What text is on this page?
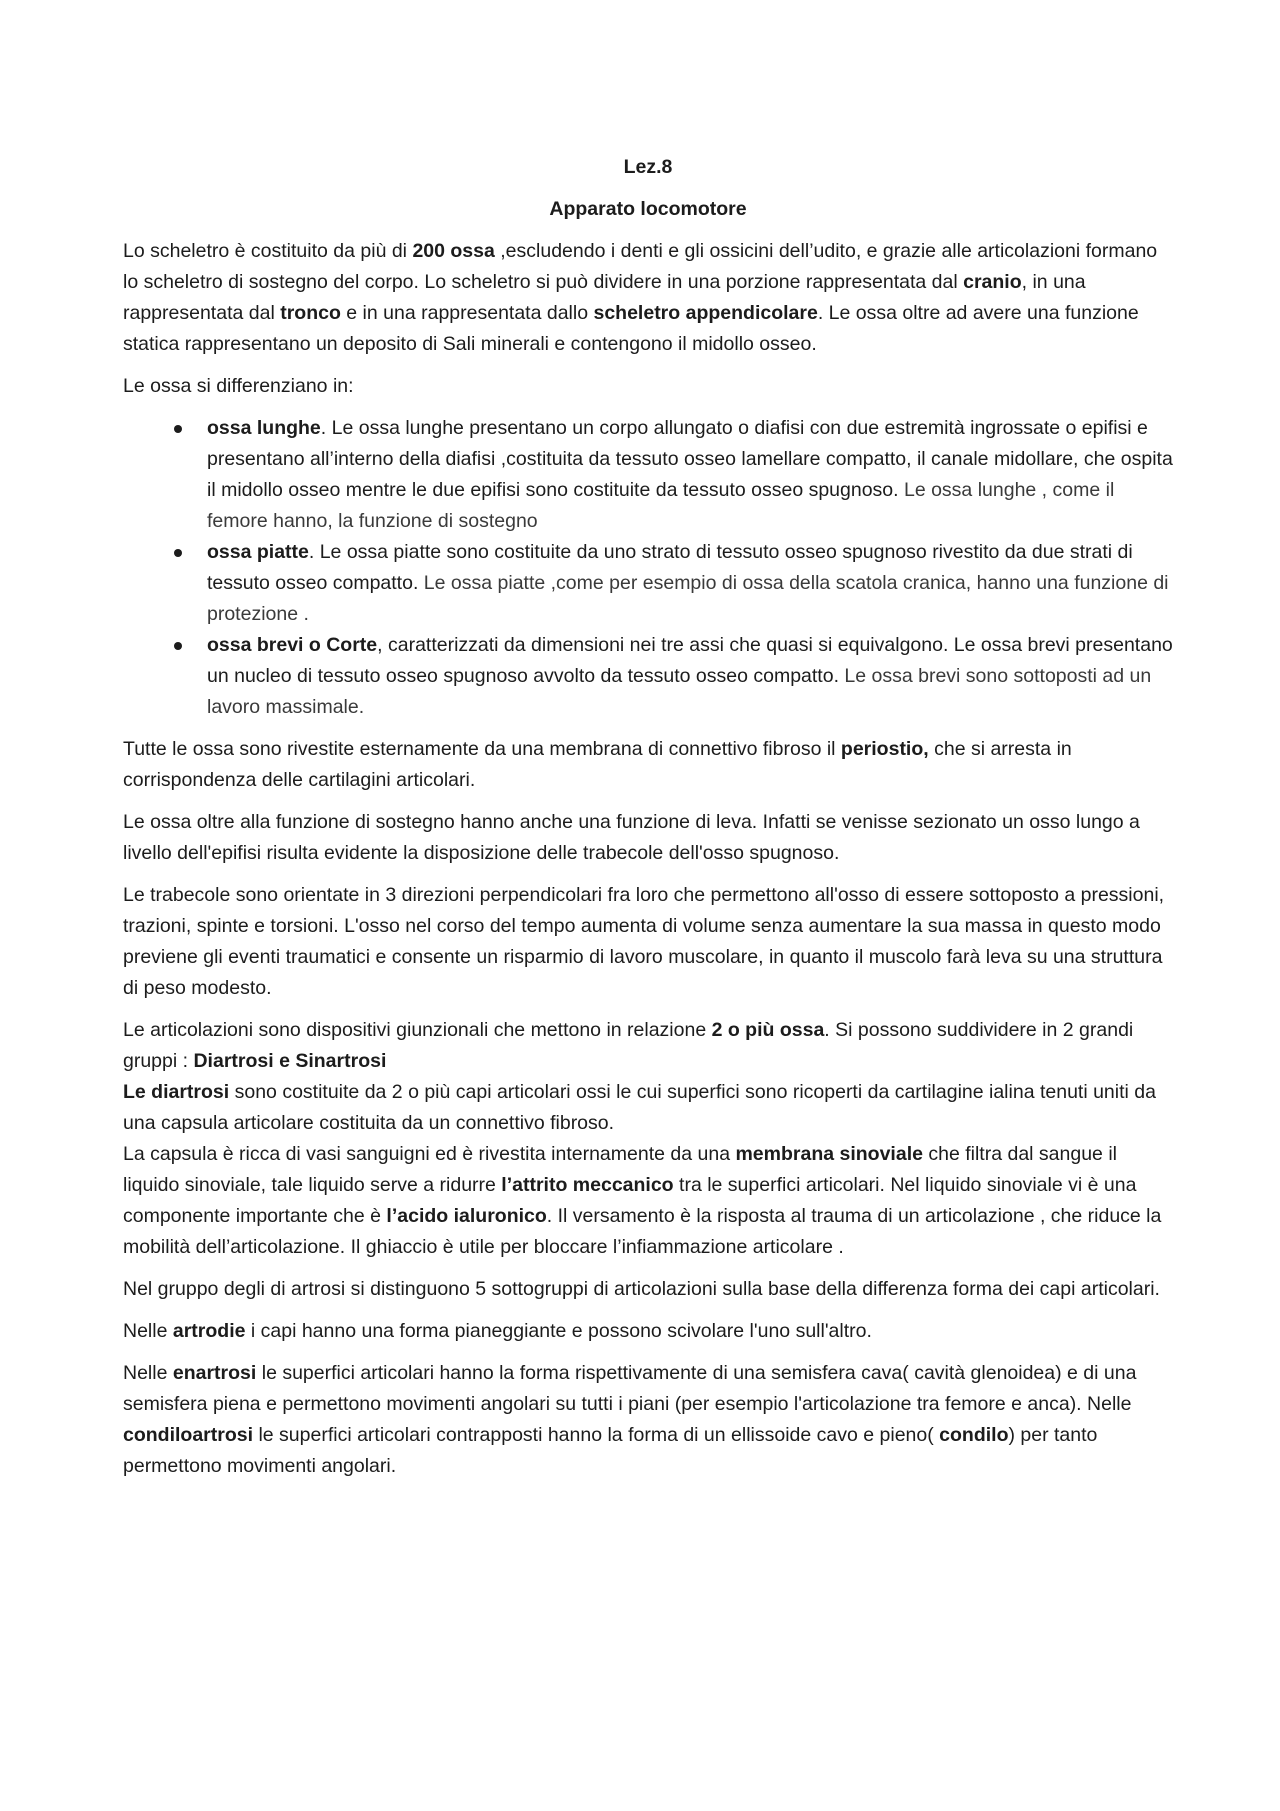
Lez.8

Apparato locomotore

Lo scheletro è costituito da più di 200 ossa ,escludendo i denti e gli ossicini dell’udito, e grazie alle articolazioni formano lo scheletro di sostegno del corpo. Lo scheletro si può dividere in una porzione rappresentata dal cranio, in una rappresentata dal tronco e in una rappresentata dallo scheletro appendicolare. Le ossa oltre ad avere una funzione statica rappresentano un deposito di Sali minerali e contengono il midollo osseo.

Le ossa si differenziano in:

ossa lunghe. Le ossa lunghe presentano un corpo allungato o diafisi con due estremità ingrossate o epifisi e presentano all’interno della diafisi ,costituita da tessuto osseo lamellare compatto, il canale midollare, che ospita il midollo osseo mentre le due epifisi sono costituite da tessuto osseo spugnoso. Le ossa lunghe , come il femore hanno, la funzione di sostegno
ossa piatte. Le ossa piatte sono costituite da uno strato di tessuto osseo spugnoso rivestito da due strati di tessuto osseo compatto. Le ossa piatte ,come per esempio di ossa della scatola cranica, hanno una funzione di protezione .
ossa brevi o Corte, caratterizzati da dimensioni nei tre assi che quasi si equivalgono. Le ossa brevi presentano un nucleo di tessuto osseo spugnoso avvolto da tessuto osseo compatto. Le ossa brevi sono sottoposti ad un lavoro massimale.

Tutte le ossa sono rivestite esternamente da una membrana di connettivo fibroso il periostio, che si arresta in corrispondenza delle cartilagini articolari.

Le ossa oltre alla funzione di sostegno hanno anche una funzione di leva. Infatti se venisse sezionato un osso lungo a livello dell'epifisi risulta evidente la disposizione delle trabecole dell'osso spugnoso.

Le trabecole sono orientate in 3 direzioni perpendicolari fra loro che permettono all'osso di essere sottoposto a pressioni, trazioni, spinte e torsioni. L'osso nel corso del tempo aumenta di volume senza aumentare la sua massa in questo modo previene gli eventi traumatici e consente un risparmio di lavoro muscolare, in quanto il muscolo farà leva su una struttura di peso modesto.

Le articolazioni sono dispositivi giunzionali che mettono in relazione 2 o più ossa. Si possono suddividere in 2 grandi gruppi : Diartrosi e Sinartrosi

Le diartrosi sono costituite da 2 o più capi articolari ossi le cui superfici sono ricoperti da cartilagine ialina tenuti uniti da una capsula articolare costituita da un connettivo fibroso.

La capsula è ricca di vasi sanguigni ed è rivestita internamente da una membrana sinoviale che filtra dal sangue il liquido sinoviale, tale liquido serve a ridurre l’attrito meccanico tra le superfici articolari. Nel liquido sinoviale vi è una componente importante che è l’acido ialuronico. Il versamento è la risposta al trauma di un articolazione , che riduce la mobilità dell’articolazione. Il ghiaccio è utile per bloccare l’infiammazione articolare .

Nel gruppo degli di artrosi si distinguono 5 sottogruppi di articolazioni sulla base della differenza forma dei capi articolari.

Nelle artrodie i capi hanno una forma pianeggiante e possono scivolare l'uno sull'altro.

Nelle enartrosi le superfici articolari hanno la forma rispettivamente di una semisfera cava( cavità glenoidea) e di una semisfera piena e permettono movimenti angolari su tutti i piani (per esempio l'articolazione tra femore e anca). Nelle condiloartrosi le superfici articolari contrapposti hanno la forma di un ellissoide cavo e pieno( condilo) per tanto permettono movimenti angolari.
